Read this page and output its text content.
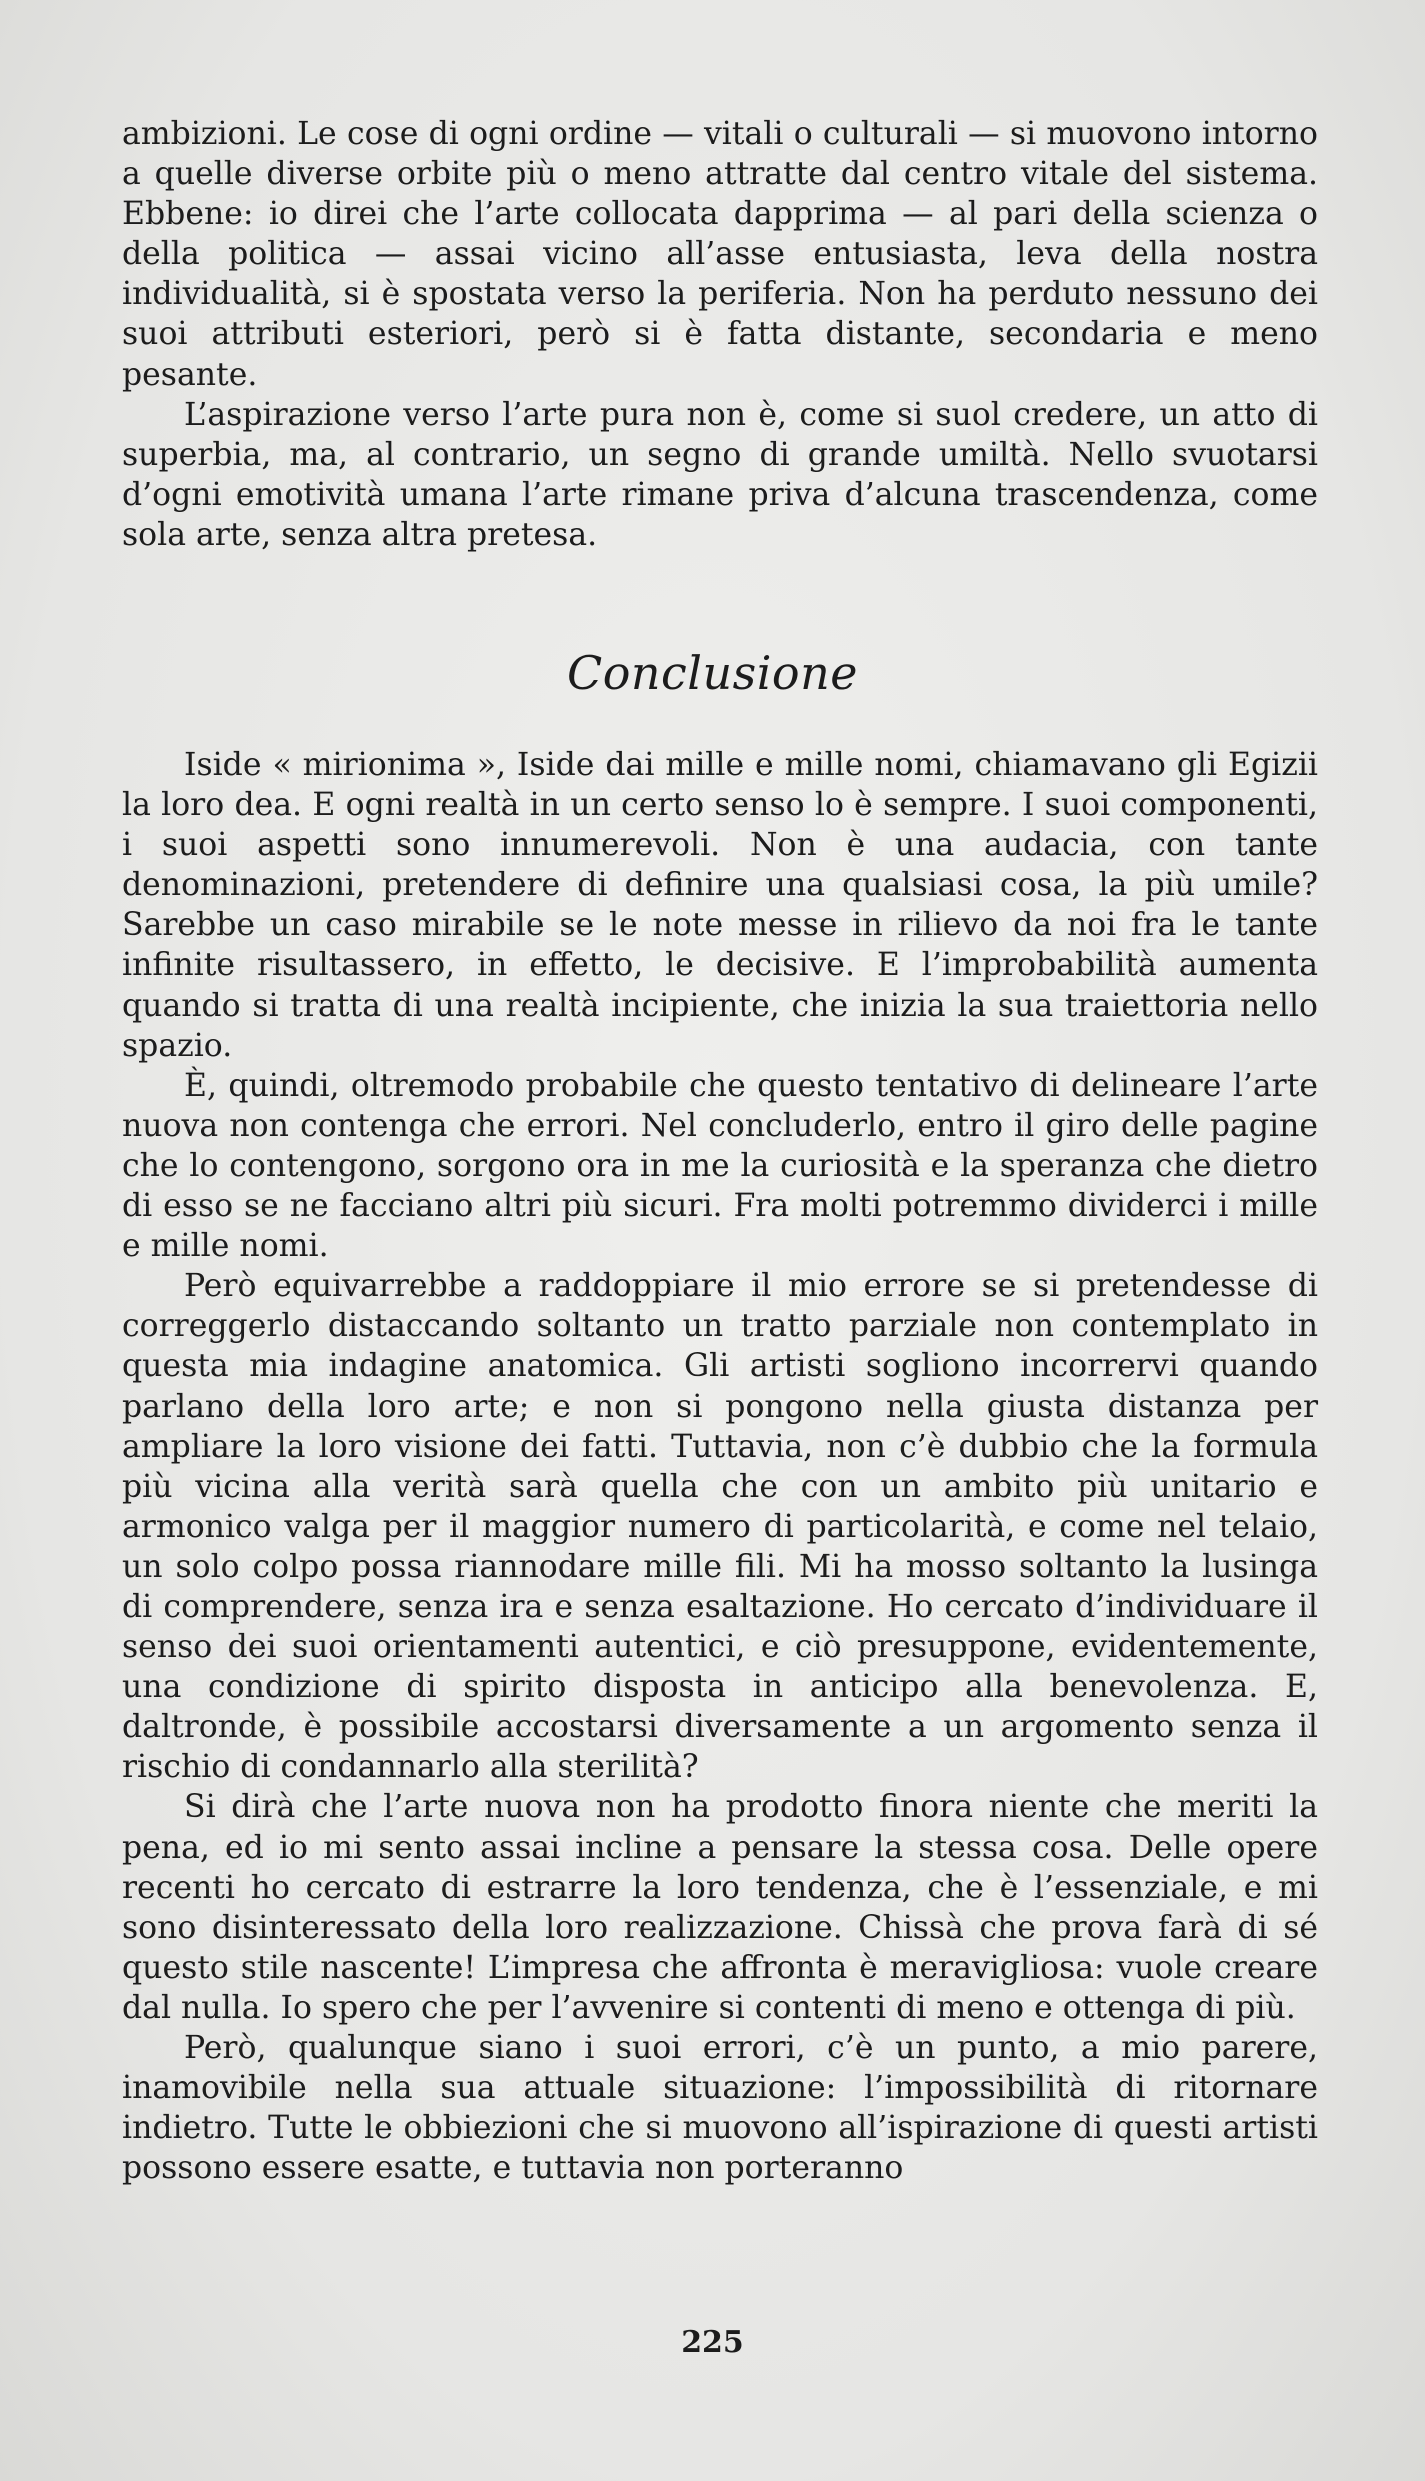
ambizioni. Le cose di ogni ordine — vitali o culturali — si muovono intorno a quelle diverse orbite più o meno attratte dal centro vitale del sistema. Ebbene: io direi che l’arte collocata dapprima — al pari della scienza o della politica — assai vicino all’asse entusiasta, leva della nostra individualità, si è spostata verso la periferia. Non ha perduto nessuno dei suoi attributi esteriori, però si è fatta distante, secondaria e meno pesante.

L’aspirazione verso l’arte pura non è, come si suol credere, un atto di superbia, ma, al contrario, un segno di grande umiltà. Nello svuotarsi d’ogni emotività umana l’arte rimane priva d’alcuna trascendenza, come sola arte, senza altra pretesa.

Conclusione

Iside « mirionima », Iside dai mille e mille nomi, chiamavano gli Egizii la loro dea. E ogni realtà in un certo senso lo è sempre. I suoi componenti, i suoi aspetti sono innumerevoli. Non è una audacia, con tante denominazioni, pretendere di definire una qualsiasi cosa, la più umile? Sarebbe un caso mirabile se le note messe in rilievo da noi fra le tante infinite risultassero, in effetto, le decisive. E l’improbabilità aumenta quando si tratta di una realtà incipiente, che inizia la sua traiettoria nello spazio.

È, quindi, oltremodo probabile che questo tentativo di delineare l’arte nuova non contenga che errori. Nel concluderlo, entro il giro delle pagine che lo contengono, sorgono ora in me la curiosità e la speranza che dietro di esso se ne facciano altri più sicuri. Fra molti potremmo dividerci i mille e mille nomi.

Però equivarrebbe a raddoppiare il mio errore se si pretendesse di correggerlo distaccando soltanto un tratto parziale non contemplato in questa mia indagine anatomica. Gli artisti sogliono incorrervi quando parlano della loro arte; e non si pongono nella giusta distanza per ampliare la loro visione dei fatti. Tuttavia, non c’è dubbio che la formula più vicina alla verità sarà quella che con un ambito più unitario e armonico valga per il maggior numero di particolarità, e come nel telaio, un solo colpo possa riannodare mille fili. Mi ha mosso soltanto la lusinga di comprendere, senza ira e senza esaltazione. Ho cercato d’individuare il senso dei suoi orientamenti autentici, e ciò presuppone, evidentemente, una condizione di spirito disposta in anticipo alla benevolenza. E, daltronde, è possibile accostarsi diversamente a un argomento senza il rischio di condannarlo alla sterilità?

Si dirà che l’arte nuova non ha prodotto finora niente che meriti la pena, ed io mi sento assai incline a pensare la stessa cosa. Delle opere recenti ho cercato di estrarre la loro tendenza, che è l’essenziale, e mi sono disinteressato della loro realizzazione. Chissà che prova farà di sé questo stile nascente! L’impresa che affronta è meravigliosa: vuole creare dal nulla. Io spero che per l’avvenire si contenti di meno e ottenga di più.

Però, qualunque siano i suoi errori, c’è un punto, a mio parere, inamovibile nella sua attuale situazione: l’impossibilità di ritornare indietro. Tutte le obbiezioni che si muovono all’ispirazione di questi artisti possono essere esatte, e tuttavia non porteranno

225
